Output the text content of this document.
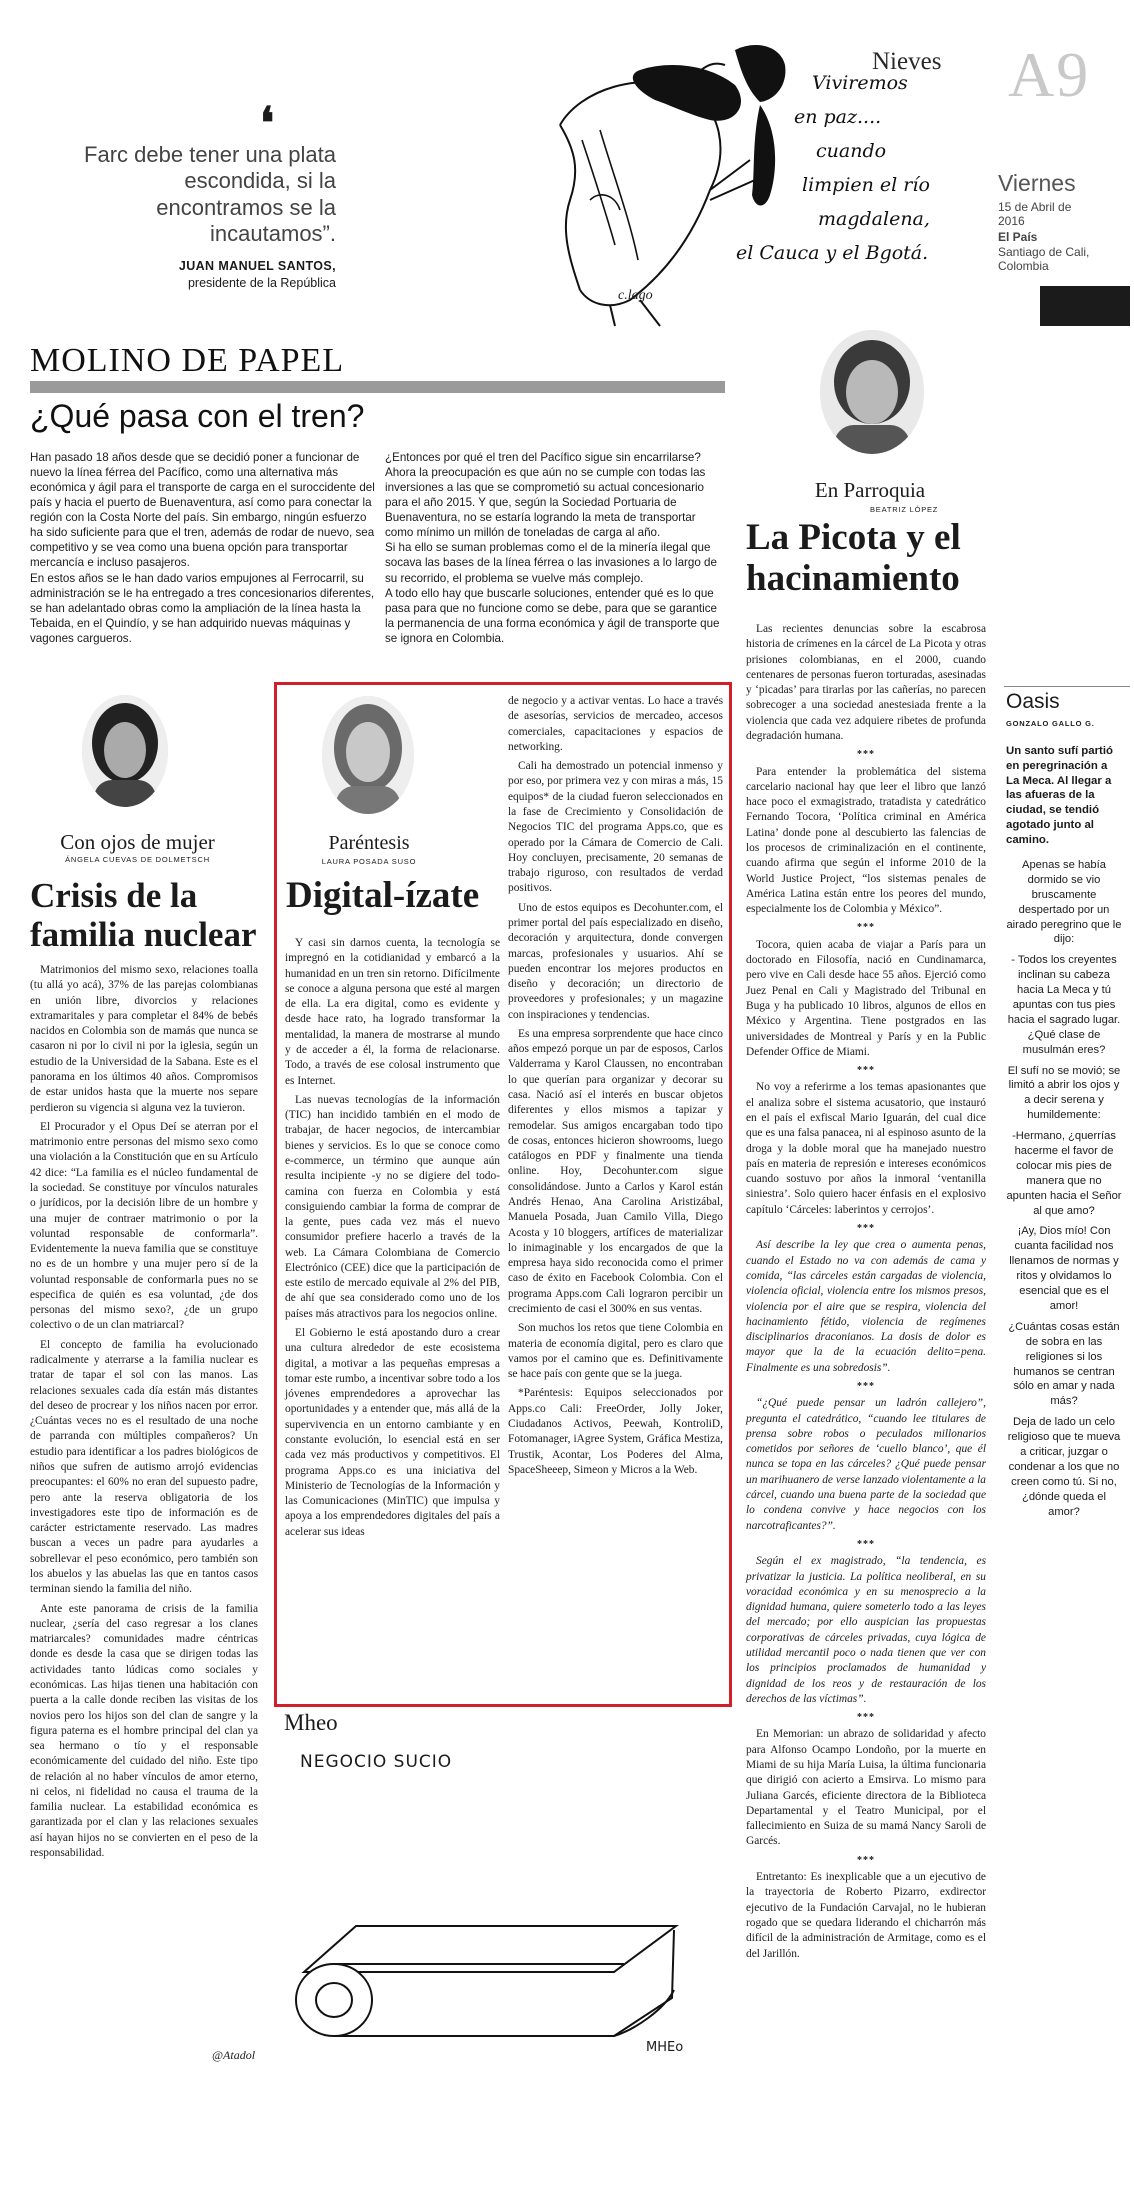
Nieves A9
Viernes
15 de Abril de 2016
El País
Santiago de Cali, Colombia
❛
Farc debe tener una plata escondida, si la encontramos se la incautamos”.
JUAN MANUEL SANTOS,
presidente de la República
Viviremos
en paz....
cuando
limpien el río
magdalena,
el Cauca y el Bgotá.
c.lago
MOLINO DE PAPEL
¿Qué pasa con el tren?
Han pasado 18 años desde que se decidió poner a funcionar de nuevo la línea férrea del Pacífico, como una alternativa más económica y ágil para el transporte de carga en el suroccidente del país y hacia el puerto de Buenaventura, así como para conectar la región con la Costa Norte del país. Sin embargo, ningún esfuerzo ha sido suficiente para que el tren, además de rodar de nuevo, sea competitivo y se vea como una buena opción para transportar mercancía e incluso pasajeros.
En estos años se le han dado varios empujones al Ferrocarril, su administración se le ha entregado a tres concesionarios diferentes, se han adelantado obras como la ampliación de la línea hasta la Tebaida, en el Quindío, y se han adquirido nuevas máquinas y vagones cargueros.
¿Entonces por qué el tren del Pacífico sigue sin encarrilarse?
Ahora la preocupación es que aún no se cumple con todas las inversiones a las que se comprometió su actual concesionario para el año 2015. Y que, según la Sociedad Portuaria de Buenaventura, no se estaría logrando la meta de transportar como mínimo un millón de toneladas de carga al año.
Si ha ello se suman problemas como el de la minería ilegal que socava las bases de la línea férrea o las invasiones a lo largo de su recorrido, el problema se vuelve más complejo.
A todo ello hay que buscarle soluciones, entender qué es lo que pasa para que no funcione como se debe, para que se garantice la permanencia de una forma económica y ágil de transporte que se ignora en Colombia.
En Parroquia
BEATRIZ LÓPEZ
La Picota y el hacinamiento

Las recientes denuncias sobre la escabrosa historia de crímenes en la cárcel de La Picota y otras prisiones colombianas, en el 2000, cuando centenares de personas fueron torturadas, asesinadas y ‘picadas’ para tirarlas por las cañerías, no parecen sobrecoger a una sociedad anestesiada frente a la violencia que cada vez adquiere ribetes de profunda degradación humana.

***

Para entender la problemática del sistema carcelario nacional hay que leer el libro que lanzó hace poco el exmagistrado, tratadista y catedrático Fernando Tocora, ‘Política criminal en América Latina’ donde pone al descubierto las falencias de los procesos de criminalización en el continente, cuando afirma que según el informe 2010 de la World Justice Project, “los sistemas penales de América Latina están entre los peores del mundo, especialmente los de Colombia y México”.

***

Tocora, quien acaba de viajar a París para un doctorado en Filosofía, nació en Cundinamarca, pero vive en Cali desde hace 55 años. Ejerció como Juez Penal en Cali y Magistrado del Tribunal en Buga y ha publicado 10 libros, algunos de ellos en México y Argentina. Tiene postgrados en las universidades de Montreal y París y en la Public Defender Office de Miami.

***

No voy a referirme a los temas apasionantes que el analiza sobre el sistema acusatorio, que instauró en el país el exfiscal Mario Iguarán, del cual dice que es una falsa panacea, ni al espinoso asunto de la droga y la doble moral que ha manejado nuestro país en materia de represión e intereses económicos cuando sostuvo por años la inmoral ‘ventanilla siniestra’. Solo quiero hacer énfasis en el explosivo capítulo ‘Cárceles: laberintos y cerrojos’.

***

Así describe la ley que crea o aumenta penas, cuando el Estado no va con además de cama y comida, “las cárceles están cargadas de violencia, violencia oficial, violencia entre los mismos presos, violencia por el aire que se respira, violencia del hacinamiento fétido, violencia de regímenes disciplinarios draconianos. La dosis de dolor es mayor que la de la ecuación delito=pena. Finalmente es una sobredosis”.

***

“¿Qué puede pensar un ladrón callejero”, pregunta el catedrático, “cuando lee titulares de prensa sobre robos o peculados millonarios cometidos por señores de ‘cuello blanco’, que él nunca se topa en las cárceles? ¿Qué puede pensar un marihuanero de verse lanzado violentamente a la cárcel, cuando una buena parte de la sociedad que lo condena convive y hace negocios con los narcotraficantes?”.

***

Según el ex magistrado, “la tendencia, es privatizar la justicia. La política neoliberal, en su voracidad económica y en su menosprecio a la dignidad humana, quiere someterlo todo a las leyes del mercado; por ello auspician las propuestas corporativas de cárceles privadas, cuya lógica de utilidad mercantil poco o nada tienen que ver con los principios proclamados de humanidad y dignidad de los reos y de restauración de los derechos de las víctimas”.

***

En Memorian: un abrazo de solidaridad y afecto para Alfonso Ocampo Londoño, por la muerte en Miami de su hija María Luisa, la última funcionaria que dirigió con acierto a Emsirva. Lo mismo para Juliana Garcés, eficiente directora de la Biblioteca Departamental y el Teatro Municipal, por el fallecimiento en Suiza de su mamá Nancy Saroli de Garcés.

***

Entretanto: Es inexplicable que a un ejecutivo de la trayectoria de Roberto Pizarro, exdirector ejecutivo de la Fundación Carvajal, no le hubieran rogado que se quedara liderando el chicharrón más difícil de la administración de Armitage, como es el del Jarillón.

Oasis
GONZALO GALLO G.
Un santo sufí partió en peregrinación a La Meca. Al llegar a las afueras de la ciudad, se tendió agotado junto al camino.

Apenas se había dormido se vio bruscamente despertado por un airado peregrino que le dijo:

- Todos los creyentes inclinan su cabeza hacia La Meca y tú apuntas con tus pies hacia el sagrado lugar. ¿Qué clase de musulmán eres?

El sufí no se movió; se limitó a abrir los ojos y a decir serena y humildemente:

-Hermano, ¿querrías hacerme el favor de colocar mis pies de manera que no apunten hacia el Señor al que amo?

¡Ay, Dios mío! Con cuanta facilidad nos llenamos de normas y ritos y olvidamos lo esencial que es el amor!

¿Cuántas cosas están de sobra en las religiones si los humanos se centran sólo en amar y nada más?

Deja de lado un celo religioso que te mueva a criticar, juzgar o condenar a los que no creen como tú. Si no, ¿dónde queda el amor?

Con ojos de mujer
ÁNGELA CUEVAS DE DOLMETSCH
Crisis de la familia nuclear

Matrimonios del mismo sexo, relaciones toalla (tu allá yo acá), 37% de las parejas colombianas en unión libre, divorcios y relaciones extramaritales y para completar el 84% de bebés nacidos en Colombia son de mamás que nunca se casaron ni por lo civil ni por la iglesia, según un estudio de la Universidad de la Sabana. Este es el panorama en los últimos 40 años. Compromisos de estar unidos hasta que la muerte nos separe perdieron su vigencia si alguna vez la tuvieron.

El Procurador y el Opus Deí se aterran por el matrimonio entre personas del mismo sexo como una violación a la Constitución que en su Artículo 42 dice: “La familia es el núcleo fundamental de la sociedad. Se constituye por vínculos naturales o jurídicos, por la decisión libre de un hombre y una mujer de contraer matrimonio o por la voluntad responsable de conformarla”. Evidentemente la nueva familia que se constituye no es de un hombre y una mujer pero sí de la voluntad responsable de conformarla pues no se especifica de quién es esa voluntad, ¿de dos personas del mismo sexo?, ¿de un grupo colectivo o de un clan matriarcal?

El concepto de familia ha evolucionado radicalmente y aterrarse a la familia nuclear es tratar de tapar el sol con las manos. Las relaciones sexuales cada día están más distantes del deseo de procrear y los niños nacen por error. ¿Cuántas veces no es el resultado de una noche de parranda con múltiples compañeros? Un estudio para identificar a los padres biológicos de niños que sufren de autismo arrojó evidencias preocupantes: el 60% no eran del supuesto padre, pero ante la reserva obligatoria de los investigadores este tipo de información es de carácter estrictamente reservado. Las madres buscan a veces un padre para ayudarles a sobrellevar el peso económico, pero también son los abuelos y las abuelas las que en tantos casos terminan siendo la familia del niño.

Ante este panorama de crisis de la familia nuclear, ¿sería del caso regresar a los clanes matriarcales? comunidades madre céntricas donde es desde la casa que se dirigen todas las actividades tanto lúdicas como sociales y económicas. Las hijas tienen una habitación con puerta a la calle donde reciben las visitas de los novios pero los hijos son del clan de sangre y la figura paterna es el hombre principal del clan ya sea hermano o tío y el responsable económicamente del cuidado del niño. Este tipo de relación al no haber vínculos de amor eterno, ni celos, ni fidelidad no causa el trauma de la familia nuclear. La estabilidad económica es garantizada por el clan y las relaciones sexuales así hayan hijos no se convierten en el peso de la responsabilidad.

@Atadol
Paréntesis
LAURA POSADA SUSO
Digital-ízate

Y casi sin darnos cuenta, la tecnología se impregnó en la cotidianidad y embarcó a la humanidad en un tren sin retorno. Difícilmente se conoce a alguna persona que esté al margen de ella. La era digital, como es evidente y desde hace rato, ha logrado transformar la mentalidad, la manera de mostrarse al mundo y de acceder a él, la forma de relacionarse. Todo, a través de ese colosal instrumento que es Internet.

Las nuevas tecnologías de la información (TIC) han incidido también en el modo de trabajar, de hacer negocios, de intercambiar bienes y servicios. Es lo que se conoce como e-commerce, un término que aunque aún resulta incipiente -y no se digiere del todo- camina con fuerza en Colombia y está consiguiendo cambiar la forma de comprar de la gente, pues cada vez más el nuevo consumidor prefiere hacerlo a través de la web. La Cámara Colombiana de Comercio Electrónico (CEE) dice que la participación de este estilo de mercado equivale al 2% del PIB, de ahí que sea considerado como uno de los países más atractivos para los negocios online.

El Gobierno le está apostando duro a crear una cultura alrededor de este ecosistema digital, a motivar a las pequeñas empresas a tomar este rumbo, a incentivar sobre todo a los jóvenes emprendedores a aprovechar las oportunidades y a entender que, más allá de la supervivencia en un entorno cambiante y en constante evolución, lo esencial está en ser cada vez más productivos y competitivos. El programa Apps.co es una iniciativa del Ministerio de Tecnologías de la Información y las Comunicaciones (MinTIC) que impulsa y apoya a los emprendedores digitales del país a acelerar sus ideas

de negocio y a activar ventas. Lo hace a través de asesorías, servicios de mercadeo, accesos comerciales, capacitaciones y espacios de networking.

Cali ha demostrado un potencial inmenso y por eso, por primera vez y con miras a más, 15 equipos* de la ciudad fueron seleccionados en la fase de Crecimiento y Consolidación de Negocios TIC del programa Apps.co, que es operado por la Cámara de Comercio de Cali. Hoy concluyen, precisamente, 20 semanas de trabajo riguroso, con resultados de verdad positivos.

Uno de estos equipos es Decohunter.com, el primer portal del país especializado en diseño, decoración y arquitectura, donde convergen marcas, profesionales y usuarios. Ahí se pueden encontrar los mejores productos en diseño y decoración; un directorio de proveedores y profesionales; y un magazine con inspiraciones y tendencias.

Es una empresa sorprendente que hace cinco años empezó porque un par de esposos, Carlos Valderrama y Karol Claussen, no encontraban lo que querían para organizar y decorar su casa. Nació así el interés en buscar objetos diferentes y ellos mismos a tapizar y remodelar. Sus amigos encargaban todo tipo de cosas, entonces hicieron showrooms, luego catálogos en PDF y finalmente una tienda online. Hoy, Decohunter.com sigue consolidándose. Junto a Carlos y Karol están Andrés Henao, Ana Carolina Aristizábal, Manuela Posada, Juan Camilo Villa, Diego Acosta y 10 bloggers, artífices de materializar lo inimaginable y los encargados de que la empresa haya sido reconocida como el primer caso de éxito en Facebook Colombia. Con el programa Apps.com Cali lograron percibir un crecimiento de casi el 300% en sus ventas.

Son muchos los retos que tiene Colombia en materia de economía digital, pero es claro que vamos por el camino que es. Definitivamente se hace país con gente que se la juega.

*Paréntesis: Equipos seleccionados por Apps.co Cali: FreeOrder, Jolly Joker, Ciudadanos Activos, Peewah, KontroliD, Fotomanager, iAgree System, Gráfica Mestiza, Trustik, Acontar, Los Poderes del Alma, SpaceSheeep, Simeon y Micros a la Web.

Mheo
NEGOCIO SUCIO
MHEo
